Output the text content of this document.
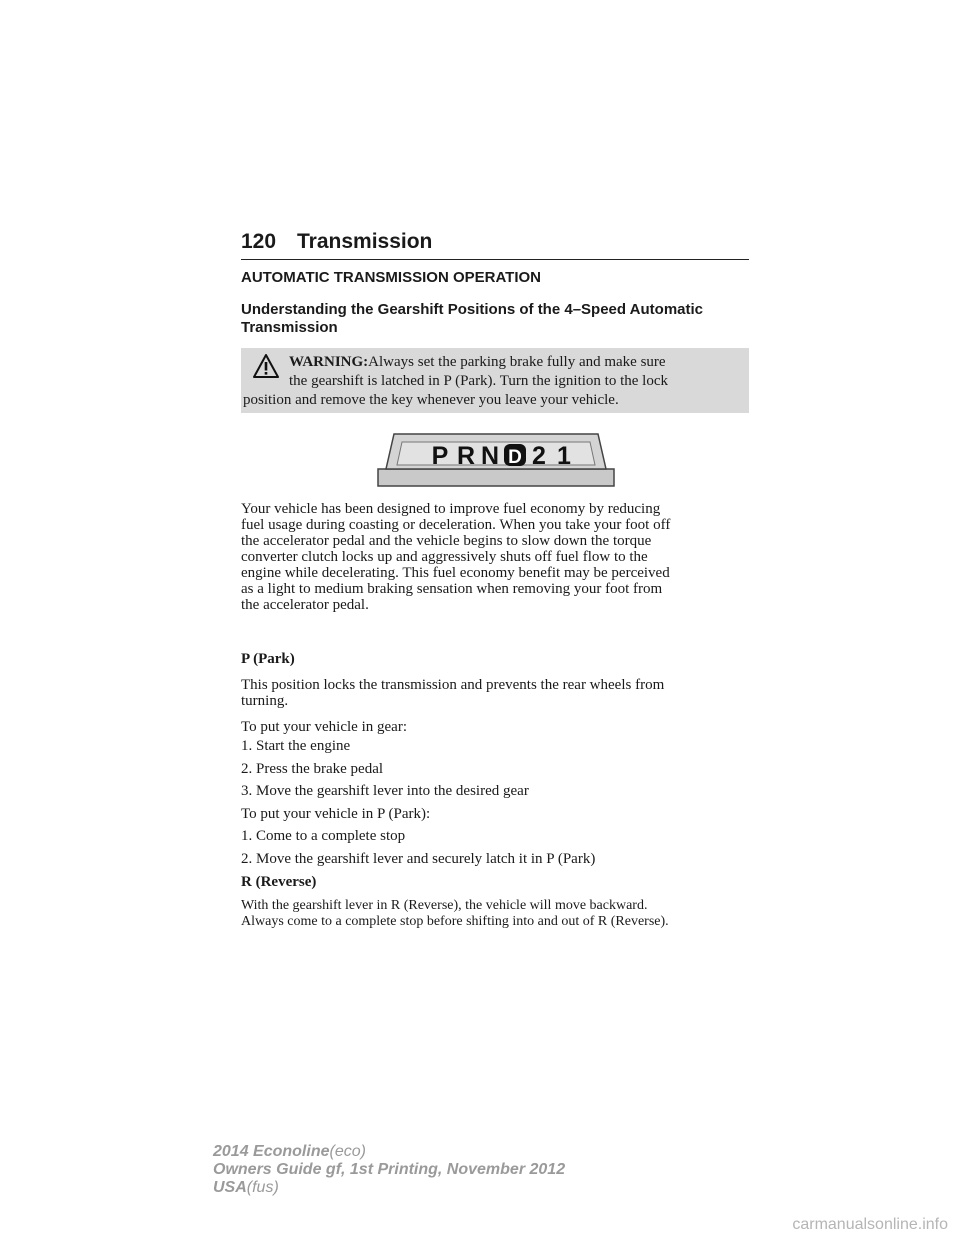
120 Transmission
AUTOMATIC TRANSMISSION OPERATION
Understanding the Gearshift Positions of the 4–Speed Automatic
Transmission
WARNING:Always set the parking brake fully and make sure
the gearshift is latched in P (Park). Turn the ignition to the lock
position and remove the key whenever you leave your vehicle.
P R N D 2 1

Your vehicle has been designed to improve fuel economy by reducing
fuel usage during coasting or deceleration. When you take your foot off
the accelerator pedal and the vehicle begins to slow down the torque
converter clutch locks up and aggressively shuts off fuel flow to the
engine while decelerating. This fuel economy benefit may be perceived
as a light to medium braking sensation when removing your foot from
the accelerator pedal.

P (Park)

This position locks the transmission and prevents the rear wheels from
turning.

To put your vehicle in gear:

1. Start the engine

2. Press the brake pedal

3. Move the gearshift lever into the desired gear

To put your vehicle in P (Park):

1. Come to a complete stop

2. Move the gearshift lever and securely latch it in P (Park)

R (Reverse)

With the gearshift lever in R (Reverse), the vehicle will move backward.
Always come to a complete stop before shifting into and out of R (Reverse).

2014 Econoline(eco)
Owners Guide gf, 1st Printing, November 2012
USA(fus)
carmanualsonline.info
